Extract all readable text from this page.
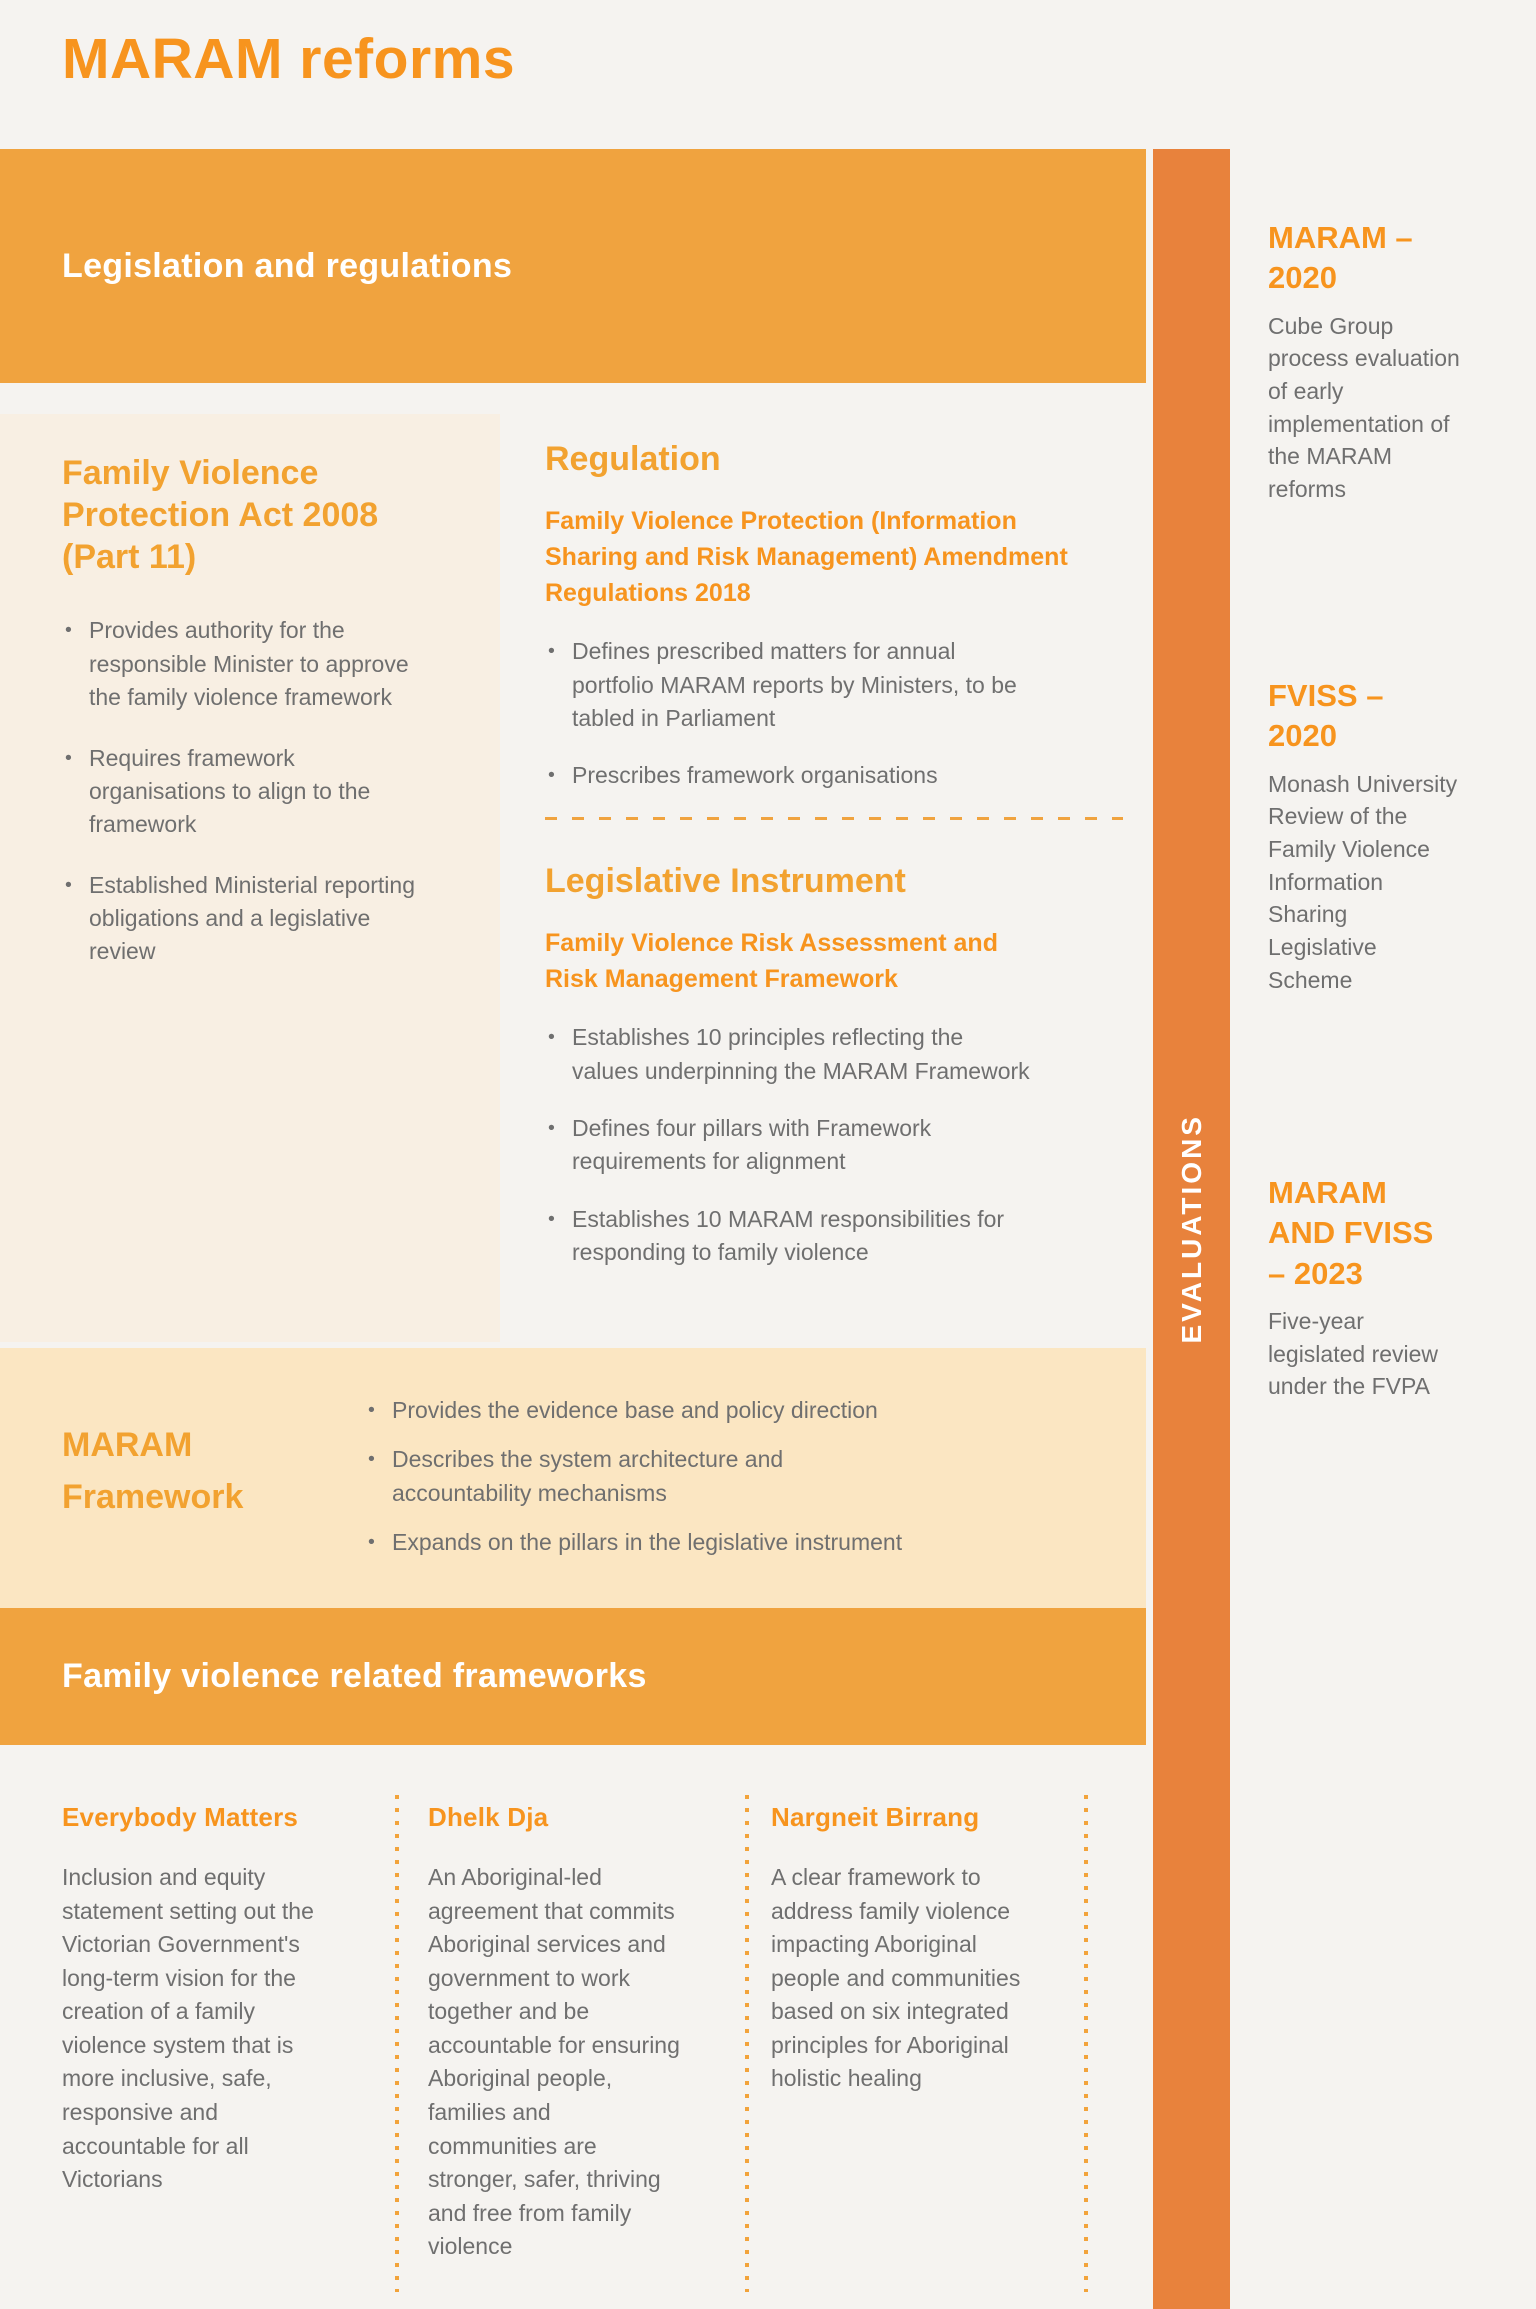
MARAM reforms
Legislation and regulations
Family Violence Protection Act 2008 (Part 11)
• Provides authority for the responsible Minister to approve the family violence framework
• Requires framework organisations to align to the framework
• Established Ministerial reporting obligations and a legislative review
Regulation
Family Violence Protection (Information Sharing and Risk Management) Amendment Regulations 2018
• Defines prescribed matters for annual portfolio MARAM reports by Ministers, to be tabled in Parliament
• Prescribes framework organisations
Legislative Instrument
Family Violence Risk Assessment and Risk Management Framework
• Establishes 10 principles reflecting the values underpinning the MARAM Framework
• Defines four pillars with Framework requirements for alignment
• Establishes 10 MARAM responsibilities for responding to family violence
MARAM Framework
• Provides the evidence base and policy direction
• Describes the system architecture and accountability mechanisms
• Expands on the pillars in the legislative instrument
Family violence related frameworks
Everybody Matters

Inclusion and equity statement setting out the Victorian Government's long-term vision for the creation of a family violence system that is more inclusive, safe, responsive and accountable for all Victorians

Dhelk Dja

An Aboriginal-led agreement that commits Aboriginal services and government to work together and be accountable for ensuring Aboriginal people, families and communities are stronger, safer, thriving and free from family violence

Nargneit Birrang

A clear framework to address family violence impacting Aboriginal people and communities based on six integrated principles for Aboriginal holistic healing

EVALUATIONS
MARAM – 2020

Cube Group process evaluation of early implementation of the MARAM reforms

FVISS – 2020

Monash University Review of the Family Violence Information Sharing Legislative Scheme

MARAM AND FVISS – 2023

Five-year legislated review under the FVPA
